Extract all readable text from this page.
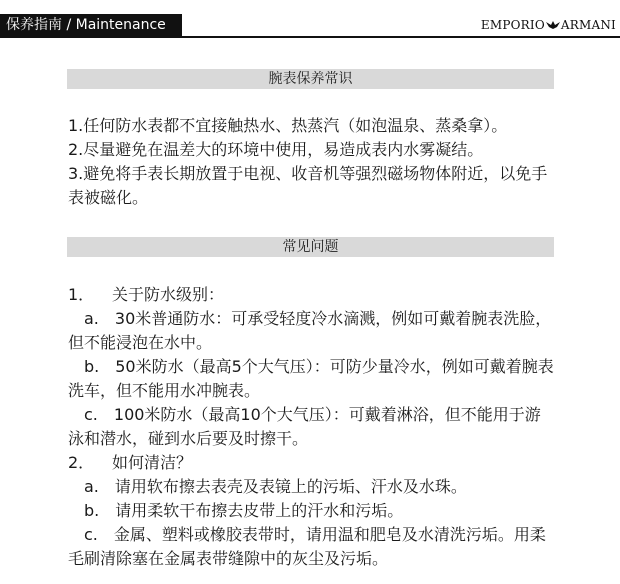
保养指南 / Maintenance	EMPORIO ARMANI
腕表保养常识

1.任何防水表都不宜接触热水、热蒸汽（如泡温泉、蒸桑拿）。

2.尽量避免在温差大的环境中使用，易造成表内水雾凝结。

3.避免将手表长期放置于电视、收音机等强烈磁场物体附近，以免手表被磁化。

常见问题
1． 关于防水级别：

a.　30米普通防水：可承受轻度冷水滴溅，例如可戴着腕表洗脸，但不能浸泡在水中。

b.　50米防水（最高5个大气压）：可防少量冷水，例如可戴着腕表洗车，但不能用水冲腕表。

c.　100米防水（最高10个大气压）：可戴着淋浴，但不能用于游泳和潜水，碰到水后要及时擦干。

2． 如何清洁？

a.　请用软布擦去表壳及表镜上的污垢、汗水及水珠。

b.　请用柔软干布擦去皮带上的汗水和污垢。

c.　金属、塑料或橡胶表带时，请用温和肥皂及水清洗污垢。用柔毛刷清除塞在金属表带缝隙中的灰尘及污垢。
